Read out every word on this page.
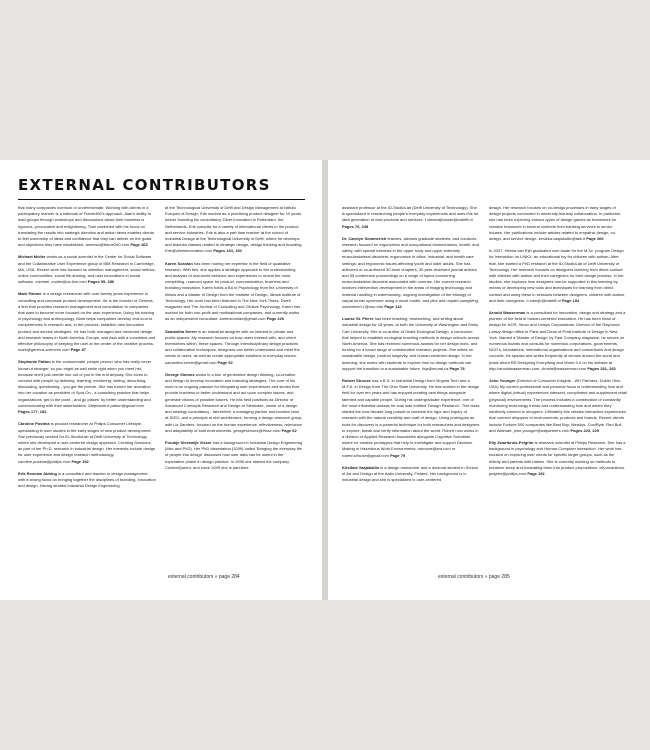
EXTERNAL CONTRIBUTORS

that many companies overlook or underestimate. Working with clients in a participatory manner is a hallmark of Frame360's approach. Alan's ability to lead groups through workshops and discussions about their business is rigorous, provocative and enlightening. That combined with his focus on translating the results into strategic direction and action items enables clients to feel ownership of ideas and confidence that they can deliver on the goals and objectives they have established. amessa@frame360.com Page 263

Michael Muller works as a social scientist in the Center for Social Software and the Collaborative User Experience group of IBM Research in Cambridge, MA, USA. Recent work has focused on attention management, social metrics, online communities, social file-sharing, and user innovations in social software. michael_muller@us.ibm.com Pages 95, 286

Mark Palmer is a design researcher with over twenty years experience in consulting and corporate product development. He is the founder of Geneva, a firm that provides research management and consultation to companies that want to become more focused on the user experience. Using his training in psychology and anthropology, Mark helps companies develop end-to-end competencies in research and, in the process, establish new innovative product and service strategies. He has built, managed and mentored design and research teams in North America, Europe, and Asia with a consistent and effective philosophy of keeping the user at the center of the creative process. mark@geneva-sciences.com Page 87

Stephanie Patton is the consummate 'people person' who has really never known a stranger, so you might as well smile right when you meet her, because she'll just needle one out of you in the end anyway. She loves to connect with people by listening, learning, mentoring, writing, describing, discussing, questioning…you get the picture. She has turned her avocation into her vocation as president of Spot-On - a consulting practice that helps organizations 'get to the point…and go places' by better understanding and communicating with their stakeholders. Stephanie.e.patton@gmail.com Pages 177, 182

Caroline Postma is product researcher at Philips Consumer Lifestyle, specializing in user studies in the early stages of new product development. She previously worked for ID-StudioLab at Delft University of Technology, where she developed a user-centered design approach, Creating Sessions, as part of her Ph.D. research in industrial design. Her interests include design for user experience and design research methodology. caroline.postma@philips.com Page 192

Erik Roscam Abbing is a consultant and teacher in design management, with a strong focus on bringing together the disciplines of branding, innovation and design. Having studied Industrial Design Engineering

at the Technological University of Delft and Design Management at Istituto Europeo di Design, Erik worked as a practicing product designer for 10 years before founding his consultancy Zilver Innovation in Rotterdam, the Netherlands. Erik consults for a variety of international clients in the product and service industries. Erik is also a part time teacher at the school of Industrial Design at the Technological University of Delft, where he develops and teaches classes related to strategic design, design thinking and branding. Erik@zilverinnovation.com Pages 144, 194

Karen Scanlan has been honing her expertise in the field of qualitative research. With this, she applies a strategic approach to the understanding and analysis of real-world behavior and experiences to reveal the most compelling, nuanced space for product, communication, business and branding innovation. Karen holds a BA in Psychology from the University of Illinois and a Master of Design from the Institute of Design, Illinois Institute of Technology. Her work has been featured in The New York Times, Dwell magazine and The Journal of Consulting and Clinical Psychology. Karen has worked for both non-profit and multinational companies, and currently works as an independent consultant. karenscanlan@gmail.com Page 226

Samantha Serrer is an industrial designer with an interest in private and public spaces. My research focuses on how users interact with, and orient themselves within, these spaces. Through interdisciplinary design practices and collaborative techniques, designers can better understand and meet the needs of users, as well as create appropriate solutions to everyday issues. samantha.serrer@gmail.com Page 92

George Simons works in a blur of generative design thinking, co-creation and design to develop innovation and branding strategies. The core of his work is an ongoing passion for integrating user experiences and stories that provide business to better understand and act upon complex issues, and generate visions of possible futures. He has held positions as Director of Advanced Concepts Research and Design at Steelcase, owner of a design and strategy consultancy - fahrenheit, a managing partner and location lead at IDEO, and a principal at ebb architecture, forming a design research group, with Liz Sanders, focused on the human experience, effectiveness, relevance and adaptability of built environments. georgesimons@frissc.com Page 62

Froukje Sleeswijk Visser has a background in Industrial Design Engineering (Msc and PhD). Her PhD dissertation (2009) called 'Bringing the everyday life of people into design' discusses how user data can be useful in the explorative phase in design practice. In 2006 she started the company ContextQueen, and since 2009 she is part-time

assistant professor at the ID-StudioLab (Delft University of Technology). She is specialized in researching people's everyday experiences and uses this for idea generation of new products and services. f.sleeswijkvisser@tudelft.nl Pages 76, 248

Dr. Carolyn Sommerich teaches, advises graduate students, and conducts research focused on ergonomics and occupational biomechanics, health, and safety, with special interests in the upper body and upper extremity musculoskeletal disorders; ergonomics in office, industrial, and health care settings; and ergonomic issues affecting youth and older adults. She has authored or co-authored 30 book chapters, 30 peer-reviewed journal articles and 55 conference proceedings on a range of topics concerning musculoskeletal disorders associated with overuse. Her current research involves intervention development in the areas of imaging technology and material handling in warehousing, ongoing investigation of the etiology of carpal tunnel syndrome using a novel model, and pilot and unpaid caregiving. sommerich.1@osu.edu Page 142

Louise St. Pierre has been teaching, researching, and writing about industrial design for 18 years, at both the University of Washington and Emily Carr University. She is co-author of Okala Ecological Design, a curriculum that helped to establish ecological teaching methods in design schools across North America. She has received numerous awards for her design work, and funding for a broad range of collaborative research projects. She writes on sustainable design, product longevity, and human-centered design. In her teaching, she works with students to explore how co-design methods can support the transition to a sustainable future. lisp@ecuad.ca Page 78

Robert Strouse has a B.S. in Industrial Design from Virginia Tech and a M.F.A. in Design from The Ohio State University. He has worked in the design field for over ten years and has enjoyed creating new things alongside talented and capable people. During his undergraduate experience, one of the most influential classes he took was entitled 'Design Research'. This class started the now decade long pursuit to combine the rigor and inquiry of research with the natural creativity and craft of design. Using prototypes as tools for discovery is a powerful technique for both researchers and designers to explore, tweak and verify information about the world. Robert now works in a division of Applied Research Associates alongside Cognitive Scientists where he creates prototypes that help to investigate and support Decision Making in Hazardous Work Environments. rstrouse@ara.com or robert.strouse@gmail.com Page 79

Kirsikka Vaajakallio is a design researcher and a doctoral student in School of Art and Design at the Aalto University, Finland. Her background is in industrial design and she is specialized in user-centered

design. Her research focuses on co-design processes in early stages of design projects conducted in university-industry collaboration. In particular, she has been exploring various types of design games as framework for creative teamwork in several contexts from banking services to senior houses. Her publications include articles related to empathic design, co-design, and service design. kirsikka.vaajakallio@taik.fi Page 266

In 2007, Helma van Rijn graduated cum laude for the M.Sc. program Design for Interaction on LINKX, an educational toy for children with autism. After that, she started a PhD research at the ID-StudioLab of Delft University of Technology. Her research focuses on designers learning from direct contact with children with autism and their caregivers for their design process. In her studies, she explores how designers can be supported in this learning by means of developing new tools and techniques for learning from direct contact and using these in sessions between designers, children with autism, and their caregivers. h.vanrijn@tudelft.nl Page 184

Arnold Wasserman is a consultant for innovation, design and strategy and a pioneer of the field of human-centered innovation. He has been head of design for NCR, Xerox and Unisys Corporations; Director of the Raymond Loewy design office in Paris and Dean of Pratt Institute of Design in New York. Named a 'Master of Design' by Fast Company magazine, he serves on numerous boards and consults for numerous corporations, governments, NGO's, foundations, international organizations and consortiums and design councils. He speaks and writes frequently at venues around the world and posts about RE:Designing Everything and World 3.0 on his website at http://arnoldwasserman.com. Arnold@wasserman.com Pages 281, 282

John Younger (Director of Consumer Insights - WD Partners, Dublin Ohio USA) My current professional and personal focus is understanding how and where digital (virtual) experiences intersect, compliment and supplement retail (physical) environments. The process includes a combination of constantly monitoring technology trends and understanding how and where they intuitively connect to shoppers. Ultimately this creates interactive experiences that connect shoppers to environments, products and brands. Recent clients include Fortune 500 companies like Best Buy, Wendys, CoolRyte, Red Bull and Walmart. john.younger@wdpartners.com Pages 223, 229

Elly Zwartkruis-Pelgrim is research scientist at Philips Research. She has a background in psychology and Human-Computer Interaction. Her work has focused on exploring user needs for specific target groups, such as the elderly and parents with babies. She is currently working on methods to enhance sleep and translating them into product propositions. elly.zwartkruis-pelgrim@philips.com Page 192

external contributors » page 284	external contributors » page 285
